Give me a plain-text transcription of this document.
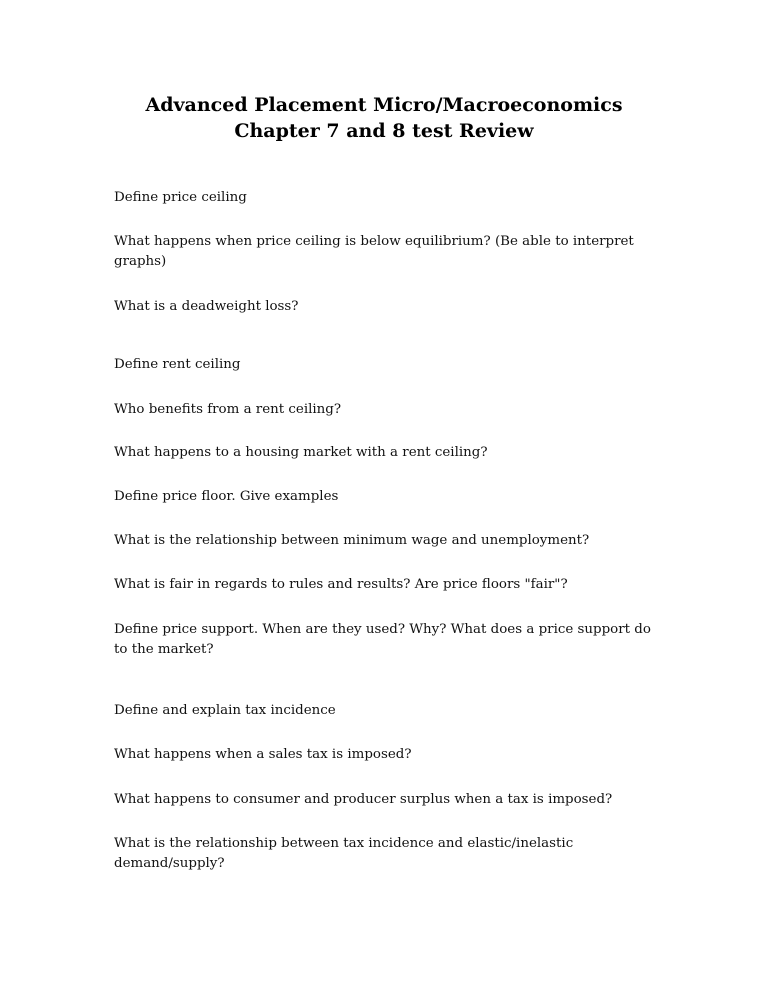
Advanced Placement Micro/Macroeconomics
Chapter 7 and 8 test Review

Define price ceiling

What happens when price ceiling is below equilibrium? (Be able to interpret graphs)

What is a deadweight loss?

Define rent ceiling

Who benefits from a rent ceiling?

What happens to a housing market with a rent ceiling?

Define price floor. Give examples

What is the relationship between minimum wage and unemployment?

What is fair in regards to rules and results? Are price floors "fair"?

Define price support. When are they used? Why? What does a price support do to the market?

Define and explain tax incidence

What happens when a sales tax is imposed?

What happens to consumer and producer surplus when a tax is imposed?

What is the relationship between tax incidence and elastic/inelastic demand/supply?
